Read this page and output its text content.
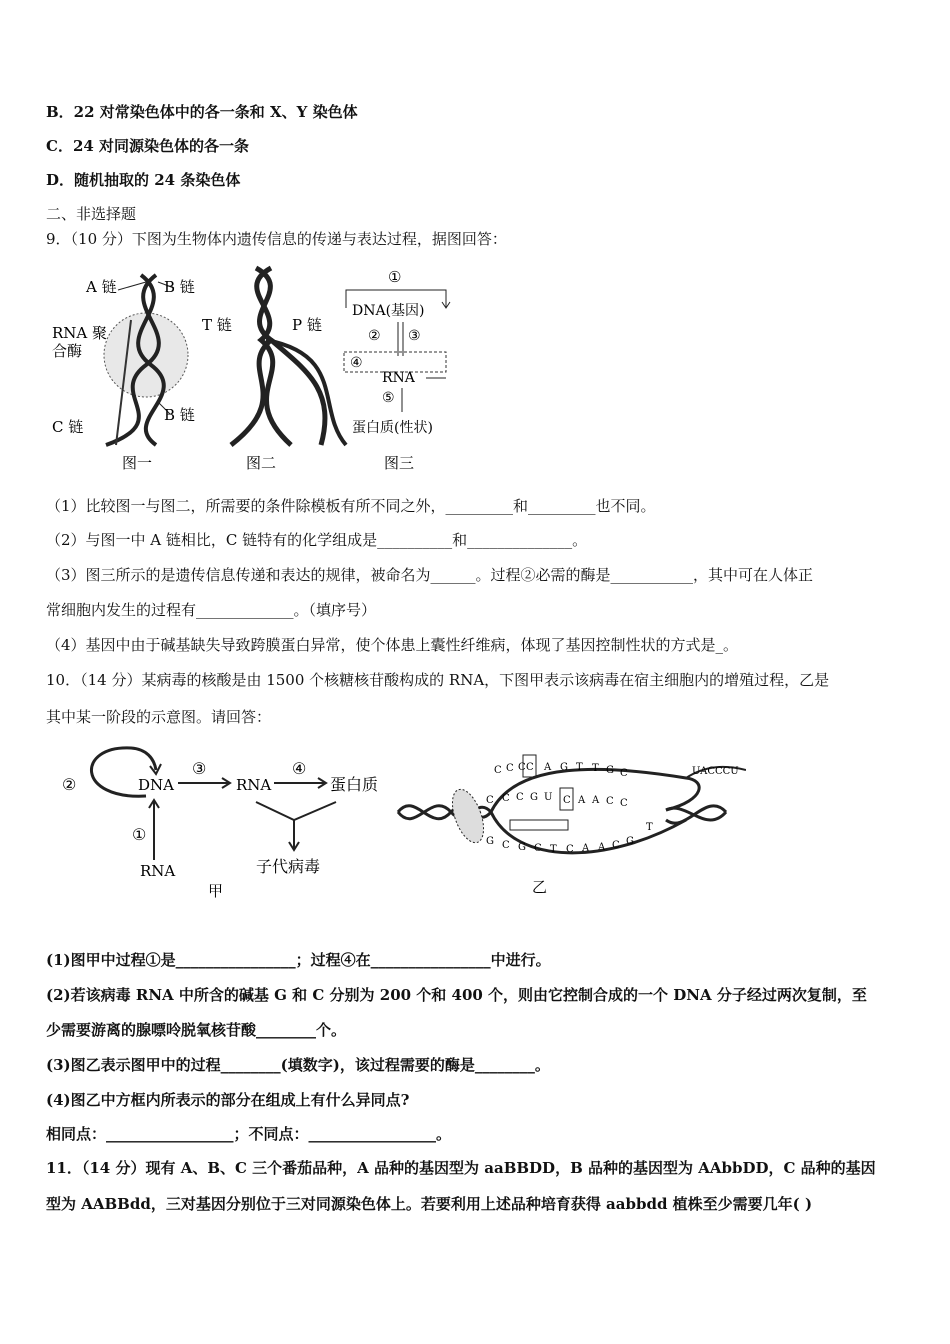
B．22 对常染色体中的各一条和 X、Y 染色体
C．24 对同源染色体的各一条
D．随机抽取的 24 条染色体
二、非选择题
9．（10 分）下图为生物体内遗传信息的传递与表达过程，据图回答：
A 链	B 链
RNA 聚
合酶
C 链
B 链
图一
T 链	P 链
图二
①
DNA(基因)
② ③
④
RNA
⑤
蛋白质(性状)
图三
（1）比较图一与图二，所需要的条件除模板有所不同之外，_________和_________也不同。
（2）与图一中 A 链相比，C 链特有的化学组成是__________和______________。
（3）图三所示的是遗传信息传递和表达的规律，被命名为______。过程②必需的酶是___________，其中可在人体正
常细胞内发生的过程有_____________。（填序号）
（4）基因中由于碱基缺失导致跨膜蛋白异常，使个体患上囊性纤维病，体现了基因控制性状的方式是_。
10．（14 分）某病毒的核酸是由 1500 个核糖核苷酸构成的 RNA，下图甲表示该病毒在宿主细胞内的增殖过程，乙是
其中某一阶段的示意图。请回答：
②	DNA
③
RNA
④
蛋白质
①
RNA	子代病毒
甲
T
UACCCU
C C C C A G T T G C
C C C G U C A A C C
G C G C T C A A C G
乙
(1)图甲中过程①是________________；过程④在________________中进行。
(2)若该病毒 RNA 中所含的碱基 G 和 C 分别为 200 个和 400 个，则由它控制合成的一个 DNA 分子经过两次复制，至
少需要游离的腺嘌呤脱氧核苷酸________个。
(3)图乙表示图甲中的过程________(填数字)，该过程需要的酶是________。
(4)图乙中方框内所表示的部分在组成上有什么异同点?
相同点：_________________；不同点：_________________。
11．（14 分）现有 A、B、C 三个番茄品种，A 品种的基因型为 aaBBDD，B 品种的基因型为 AAbbDD，C 品种的基因
型为 AABBdd，三对基因分别位于三对同源染色体上。若要利用上述品种培育获得 aabbdd 植株至少需要几年( )
